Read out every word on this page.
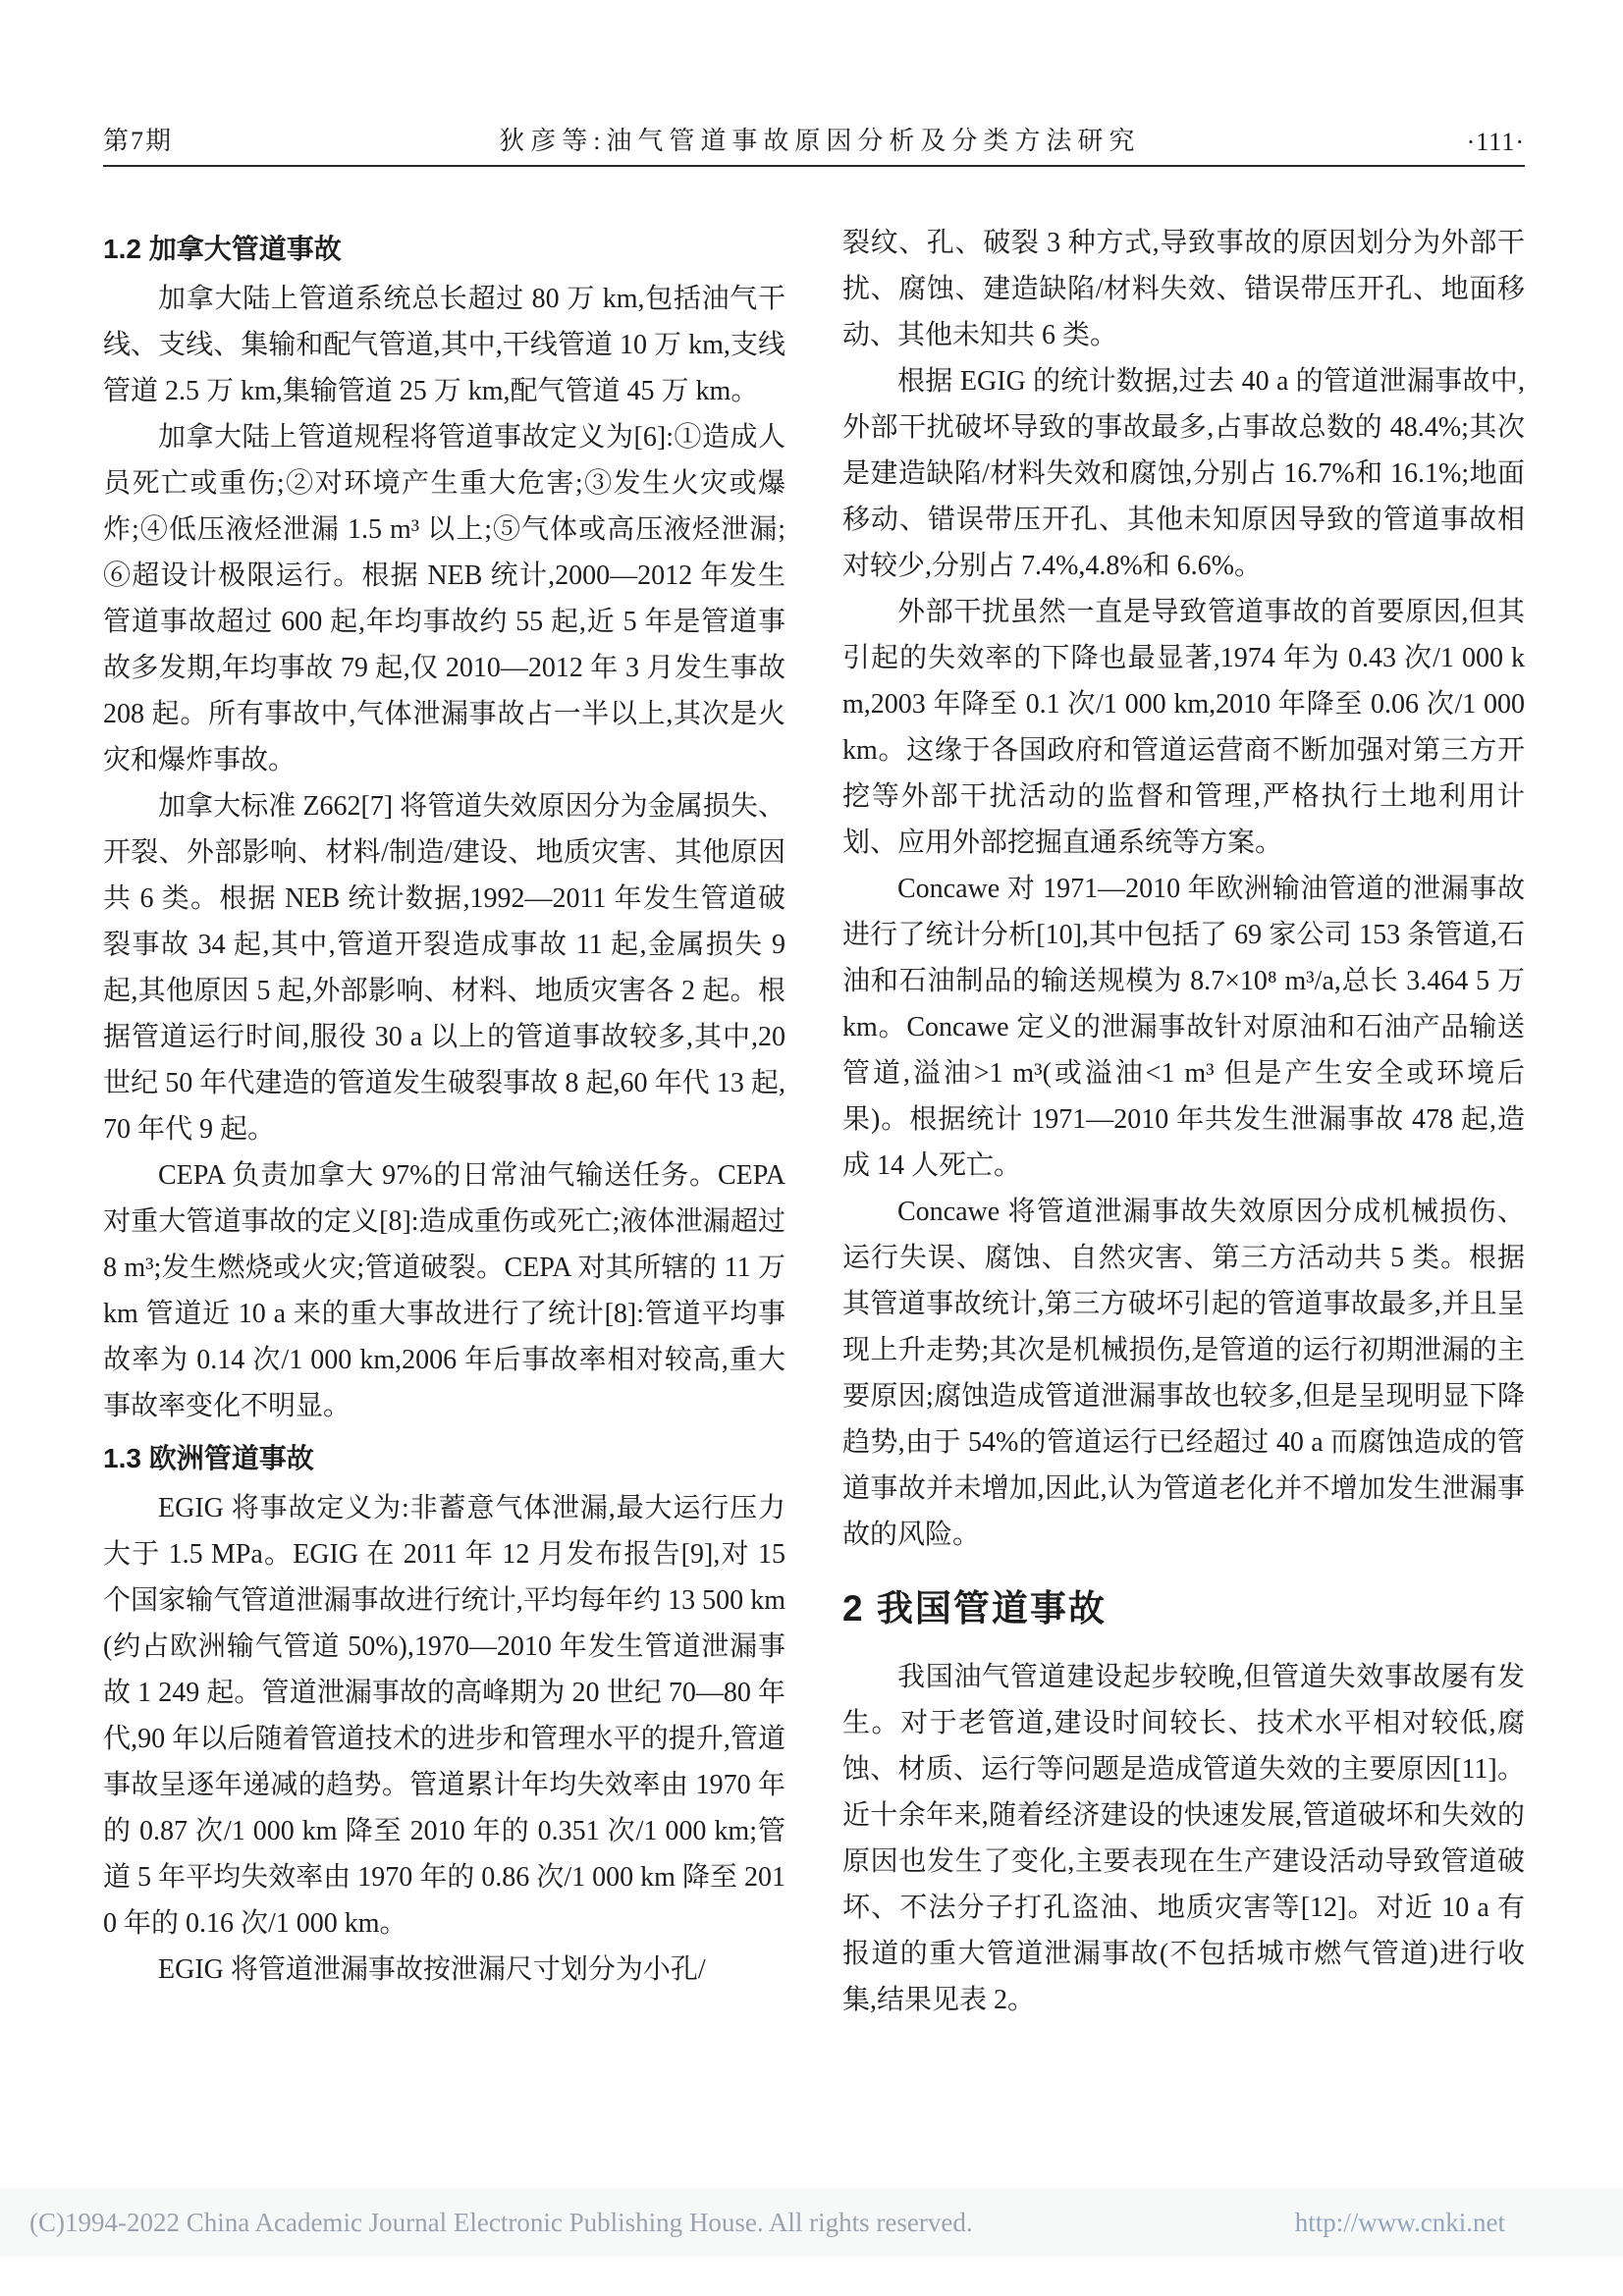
第7期	狄彦等:油气管道事故原因分析及分类方法研究	·111·
1.2 加拿大管道事故

加拿大陆上管道系统总长超过 80 万 km,包括油气干线、支线、集输和配气管道,其中,干线管道 10 万 km,支线管道 2.5 万 km,集输管道 25 万 km,配气管道 45 万 km。

加拿大陆上管道规程将管道事故定义为[6]:①造成人员死亡或重伤;②对环境产生重大危害;③发生火灾或爆炸;④低压液烃泄漏 1.5 m³ 以上;⑤气体或高压液烃泄漏;⑥超设计极限运行。根据 NEB 统计,2000—2012 年发生管道事故超过 600 起,年均事故约 55 起,近 5 年是管道事故多发期,年均事故 79 起,仅 2010—2012 年 3 月发生事故 208 起。所有事故中,气体泄漏事故占一半以上,其次是火灾和爆炸事故。

加拿大标准 Z662[7] 将管道失效原因分为金属损失、开裂、外部影响、材料/制造/建设、地质灾害、其他原因共 6 类。根据 NEB 统计数据,1992—2011 年发生管道破裂事故 34 起,其中,管道开裂造成事故 11 起,金属损失 9 起,其他原因 5 起,外部影响、材料、地质灾害各 2 起。根据管道运行时间,服役 30 a 以上的管道事故较多,其中,20 世纪 50 年代建造的管道发生破裂事故 8 起,60 年代 13 起,70 年代 9 起。

CEPA 负责加拿大 97%的日常油气输送任务。CEPA 对重大管道事故的定义[8]:造成重伤或死亡;液体泄漏超过 8 m³;发生燃烧或火灾;管道破裂。CEPA 对其所辖的 11 万 km 管道近 10 a 来的重大事故进行了统计[8]:管道平均事故率为 0.14 次/1 000 km,2006 年后事故率相对较高,重大事故率变化不明显。

1.3 欧洲管道事故

EGIG 将事故定义为:非蓄意气体泄漏,最大运行压力大于 1.5 MPa。EGIG 在 2011 年 12 月发布报告[9],对 15 个国家输气管道泄漏事故进行统计,平均每年约 13 500 km(约占欧洲输气管道 50%),1970—2010 年发生管道泄漏事故 1 249 起。管道泄漏事故的高峰期为 20 世纪 70—80 年代,90 年以后随着管道技术的进步和管理水平的提升,管道事故呈逐年递减的趋势。管道累计年均失效率由 1970 年的 0.87 次/1 000 km 降至 2010 年的 0.351 次/1 000 km;管道 5 年平均失效率由 1970 年的 0.86 次/1 000 km 降至 2010 年的 0.16 次/1 000 km。

EGIG 将管道泄漏事故按泄漏尺寸划分为小孔/

裂纹、孔、破裂 3 种方式,导致事故的原因划分为外部干扰、腐蚀、建造缺陷/材料失效、错误带压开孔、地面移动、其他未知共 6 类。

根据 EGIG 的统计数据,过去 40 a 的管道泄漏事故中,外部干扰破坏导致的事故最多,占事故总数的 48.4%;其次是建造缺陷/材料失效和腐蚀,分别占 16.7%和 16.1%;地面移动、错误带压开孔、其他未知原因导致的管道事故相对较少,分别占 7.4%,4.8%和 6.6%。

外部干扰虽然一直是导致管道事故的首要原因,但其引起的失效率的下降也最显著,1974 年为 0.43 次/1 000 km,2003 年降至 0.1 次/1 000 km,2010 年降至 0.06 次/1 000 km。这缘于各国政府和管道运营商不断加强对第三方开挖等外部干扰活动的监督和管理,严格执行土地利用计划、应用外部挖掘直通系统等方案。

Concawe 对 1971—2010 年欧洲输油管道的泄漏事故进行了统计分析[10],其中包括了 69 家公司 153 条管道,石油和石油制品的输送规模为 8.7×10⁸ m³/a,总长 3.464 5 万 km。Concawe 定义的泄漏事故针对原油和石油产品输送管道,溢油>1 m³(或溢油<1 m³ 但是产生安全或环境后果)。根据统计 1971—2010 年共发生泄漏事故 478 起,造成 14 人死亡。

Concawe 将管道泄漏事故失效原因分成机械损伤、运行失误、腐蚀、自然灾害、第三方活动共 5 类。根据其管道事故统计,第三方破坏引起的管道事故最多,并且呈现上升走势;其次是机械损伤,是管道的运行初期泄漏的主要原因;腐蚀造成管道泄漏事故也较多,但是呈现明显下降趋势,由于 54%的管道运行已经超过 40 a 而腐蚀造成的管道事故并未增加,因此,认为管道老化并不增加发生泄漏事故的风险。

2 我国管道事故

我国油气管道建设起步较晚,但管道失效事故屡有发生。对于老管道,建设时间较长、技术水平相对较低,腐蚀、材质、运行等问题是造成管道失效的主要原因[11]。近十余年来,随着经济建设的快速发展,管道破坏和失效的原因也发生了变化,主要表现在生产建设活动导致管道破坏、不法分子打孔盗油、地质灾害等[12]。对近 10 a 有报道的重大管道泄漏事故(不包括城市燃气管道)进行收集,结果见表 2。

(C)1994-2022 China Academic Journal Electronic Publishing House. All rights reserved.	http://www.cnki.net
